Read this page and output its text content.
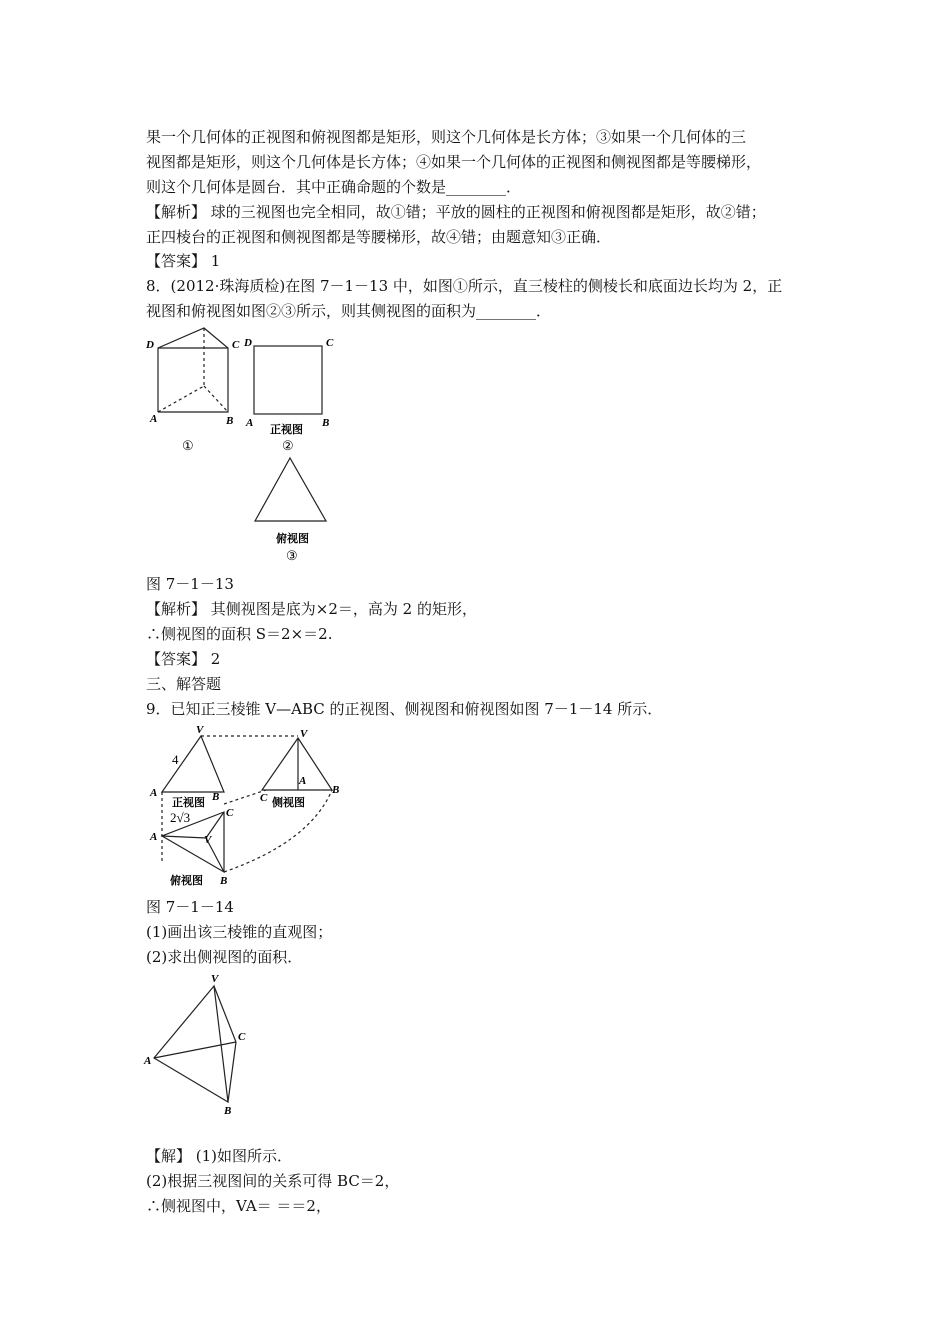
果一个几何体的正视图和俯视图都是矩形，则这个几何体是长方体；③如果一个几何体的三
视图都是矩形，则这个几何体是长方体；④如果一个几何体的正视图和侧视图都是等腰梯形，
则这个几何体是圆台．其中正确命题的个数是________．
【解析】 球的三视图也完全相同，故①错；平放的圆柱的正视图和俯视图都是矩形，故②错；
正四棱台的正视图和侧视图都是等腰梯形，故④错；由题意知③正确．
【答案】 1
8．(2012·珠海质检)在图 7－1－13 中，如图①所示，直三棱柱的侧棱长和底面边长均为 2，正
视图和俯视图如图②③所示，则其侧视图的面积为________．
D	C
A	B
①
D	C
A	B
正视图
②
俯视图
③
图 7－1－13
【解析】 其侧视图是底为×2＝，高为 2 的矩形，
∴侧视图的面积 S＝2×＝2.
【答案】 2
三、解答题
9．已知正三棱锥 V—ABC 的正视图、侧视图和俯视图如图 7－1－14 所示．
V
4
A	B
正视图
V
C
A
B
侧视图
2√3
A
C
V
B
俯视图
图 7－1－14
(1)画出该三棱锥的直观图；
(2)求出侧视图的面积．
V
C
A
B
【解】 (1)如图所示．
(2)根据三视图间的关系可得 BC＝2，
∴侧视图中，VA＝ ＝＝2，
